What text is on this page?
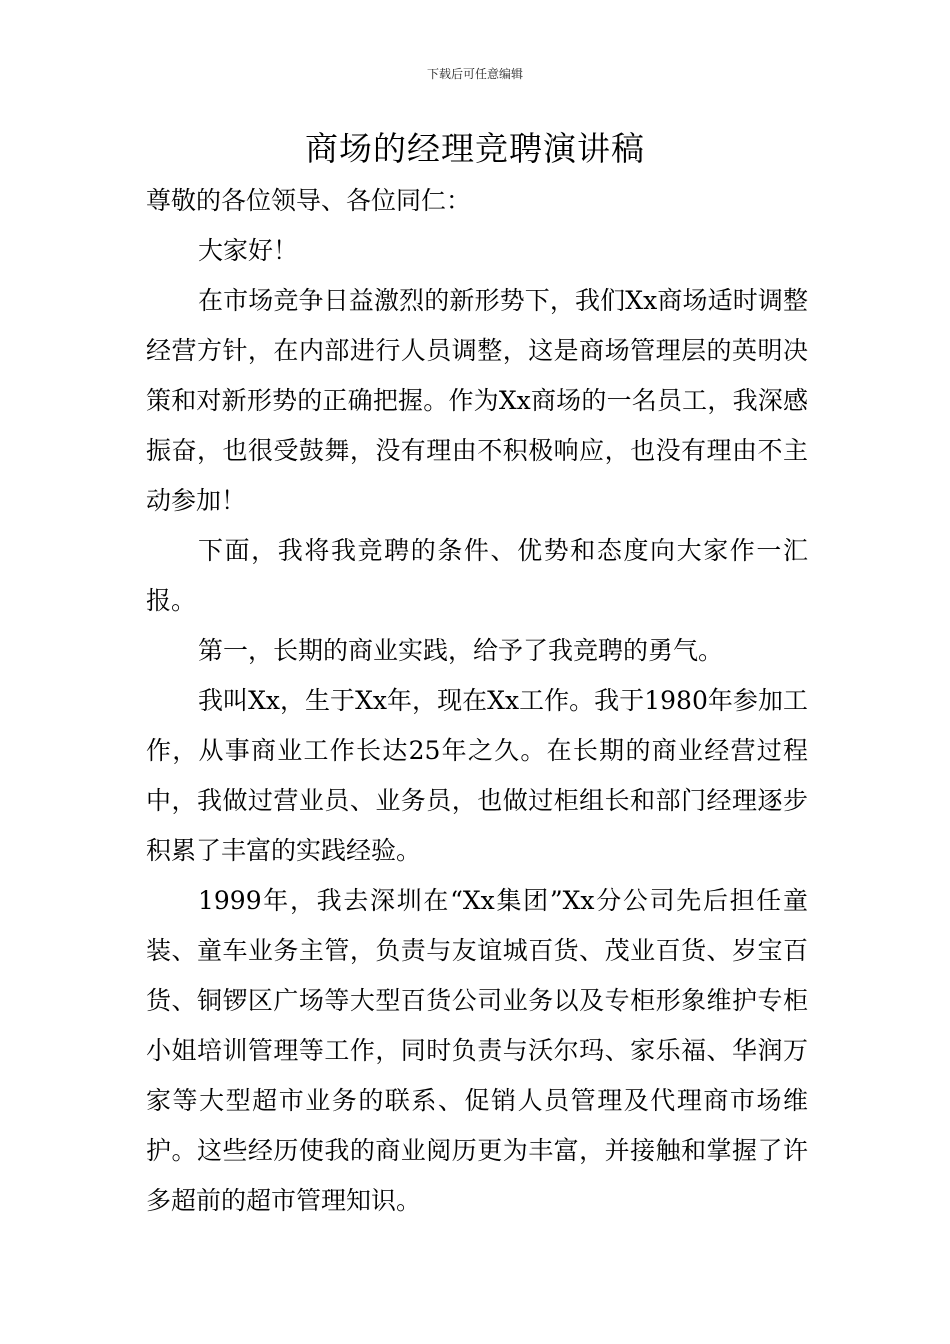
下载后可任意编辑
商场的经理竞聘演讲稿

尊敬的各位领导、各位同仁：

大家好！

在市场竞争日益激烈的新形势下，我们Xx商场适时调整经营方针，在内部进行人员调整，这是商场管理层的英明决策和对新形势的正确把握。作为Xx商场的一名员工，我深感振奋，也很受鼓舞，没有理由不积极响应，也没有理由不主动参加！

下面，我将我竞聘的条件、优势和态度向大家作一汇报。

第一，长期的商业实践，给予了我竞聘的勇气。

我叫Xx，生于Xx年，现在Xx工作。我于1980年参加工作，从事商业工作长达25年之久。在长期的商业经营过程中，我做过营业员、业务员，也做过柜组长和部门经理逐步积累了丰富的实践经验。

1999年，我去深圳在“Xx集团”Xx分公司先后担任童装、童车业务主管，负责与友谊城百货、茂业百货、岁宝百货、铜锣区广场等大型百货公司业务以及专柜形象维护专柜小姐培训管理等工作，同时负责与沃尔玛、家乐福、华润万家等大型超市业务的联系、促销人员管理及代理商市场维护。这些经历使我的商业阅历更为丰富，并接触和掌握了许多超前的超市管理知识。
